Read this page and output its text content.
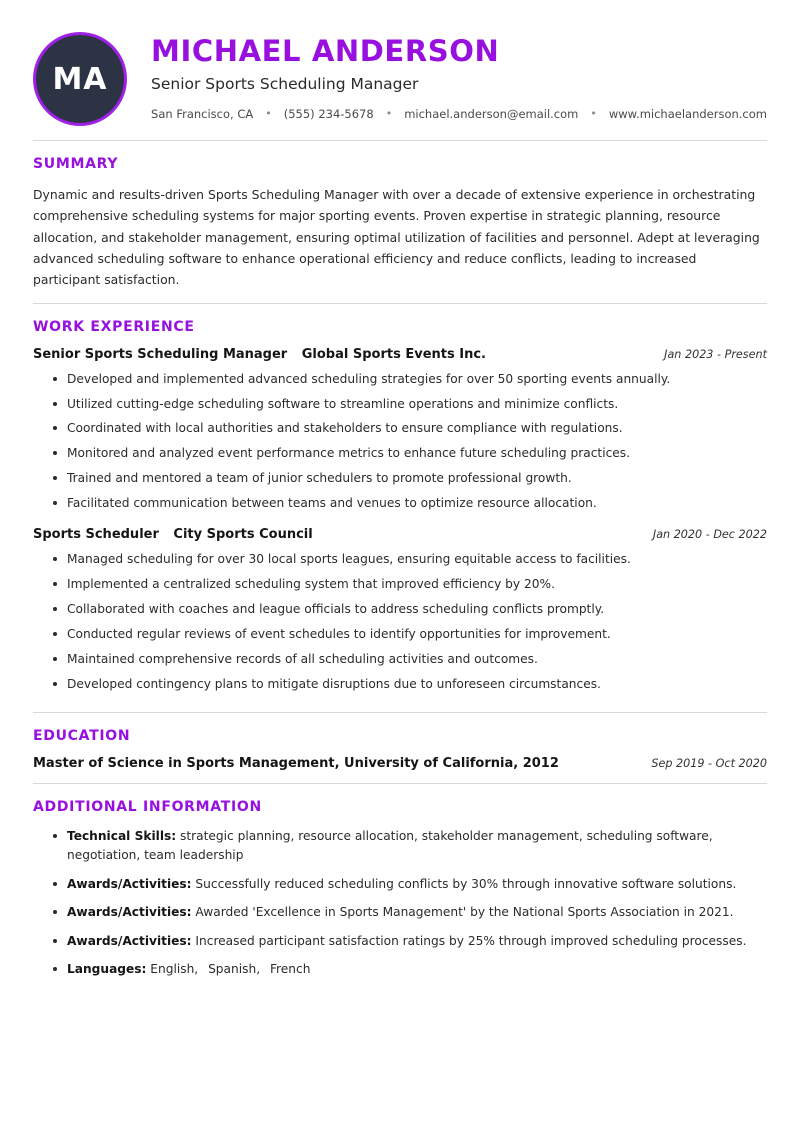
MA
MICHAEL ANDERSON
Senior Sports Scheduling Manager
San Francisco, CA	•	(555) 234-5678	•	michael.anderson@email.com	•	www.michaelanderson.com
SUMMARY

Dynamic and results-driven Sports Scheduling Manager with over a decade of extensive experience in orchestrating comprehensive scheduling systems for major sporting events. Proven expertise in strategic planning, resource allocation, and stakeholder management, ensuring optimal utilization of facilities and personnel. Adept at leveraging advanced scheduling software to enhance operational efficiency and reduce conflicts, leading to increased participant satisfaction.

WORK EXPERIENCE
Senior Sports Scheduling Manager Global Sports Events Inc.	Jan 2023 - Present
Developed and implemented advanced scheduling strategies for over 50 sporting events annually.
Utilized cutting-edge scheduling software to streamline operations and minimize conflicts.
Coordinated with local authorities and stakeholders to ensure compliance with regulations.
Monitored and analyzed event performance metrics to enhance future scheduling practices.
Trained and mentored a team of junior schedulers to promote professional growth.
Facilitated communication between teams and venues to optimize resource allocation.
Sports Scheduler City Sports Council	Jan 2020 - Dec 2022
Managed scheduling for over 30 local sports leagues, ensuring equitable access to facilities.
Implemented a centralized scheduling system that improved efficiency by 20%.
Collaborated with coaches and league officials to address scheduling conflicts promptly.
Conducted regular reviews of event schedules to identify opportunities for improvement.
Maintained comprehensive records of all scheduling activities and outcomes.
Developed contingency plans to mitigate disruptions due to unforeseen circumstances.
EDUCATION
Master of Science in Sports Management, University of California, 2012	Sep 2019 - Oct 2020
ADDITIONAL INFORMATION
Technical Skills: strategic planning, resource allocation, stakeholder management, scheduling software, negotiation, team leadership
Awards/Activities: Successfully reduced scheduling conflicts by 30% through innovative software solutions.
Awards/Activities: Awarded 'Excellence in Sports Management' by the National Sports Association in 2021.
Awards/Activities: Increased participant satisfaction ratings by 25% through improved scheduling processes.
Languages: English, Spanish, French
